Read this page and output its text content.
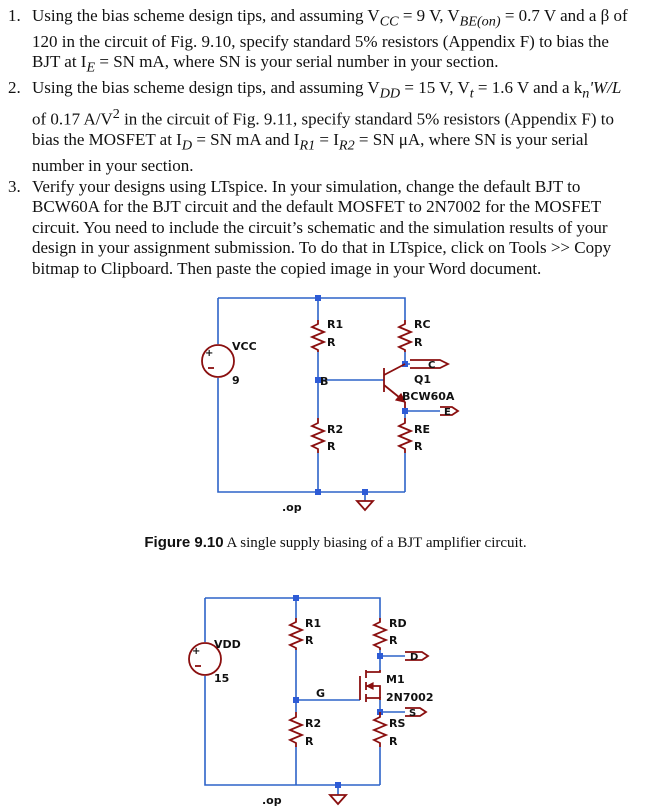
1. Using the bias scheme design tips, and assuming $V_{CC} = 9$ V, $V_{BE(on)} = 0.7$ V and a β of
120 in the circuit of Fig. 9.10, specify standard 5% resistors (Appendix F) to bias the
BJT at $I_E$ = SN mA, where SN is your serial number in your section.
2. Using the bias scheme design tips, and assuming $V_{DD} = 15$ V, $V_t = 1.6$ V and a $k_n'W/L$
of 0.17 $A/V^2$ in the circuit of Fig. 9.11, specify standard 5% resistors (Appendix F) to
bias the MOSFET at $I_D$ = SN mA and $I_{R1} = I_{R2}$ = SN μA, where SN is your serial
number in your section.
3. Verify your designs using LTspice. In your simulation, change the default BJT to
BCW60A for the BJT circuit and the default MOSFET to 2N7002 for the MOSFET
circuit. You need to include the circuit’s schematic and the simulation results of your
design in your assignment submission. To do that in LTspice, click on Tools >> Copy
bitmap to Clipboard. Then paste the copied image in your Word document.
+
R1
R
RC
R
VCC
9	B	Q1
BCW60A
C
E
R2
R
RE
R
.op
Figure 9.10 A single supply biasing of a BJT amplifier circuit.
+
R1
R
RD
R
VDD
15
D
M1
2N7002
G
S
R2
R
RS
R
.op
